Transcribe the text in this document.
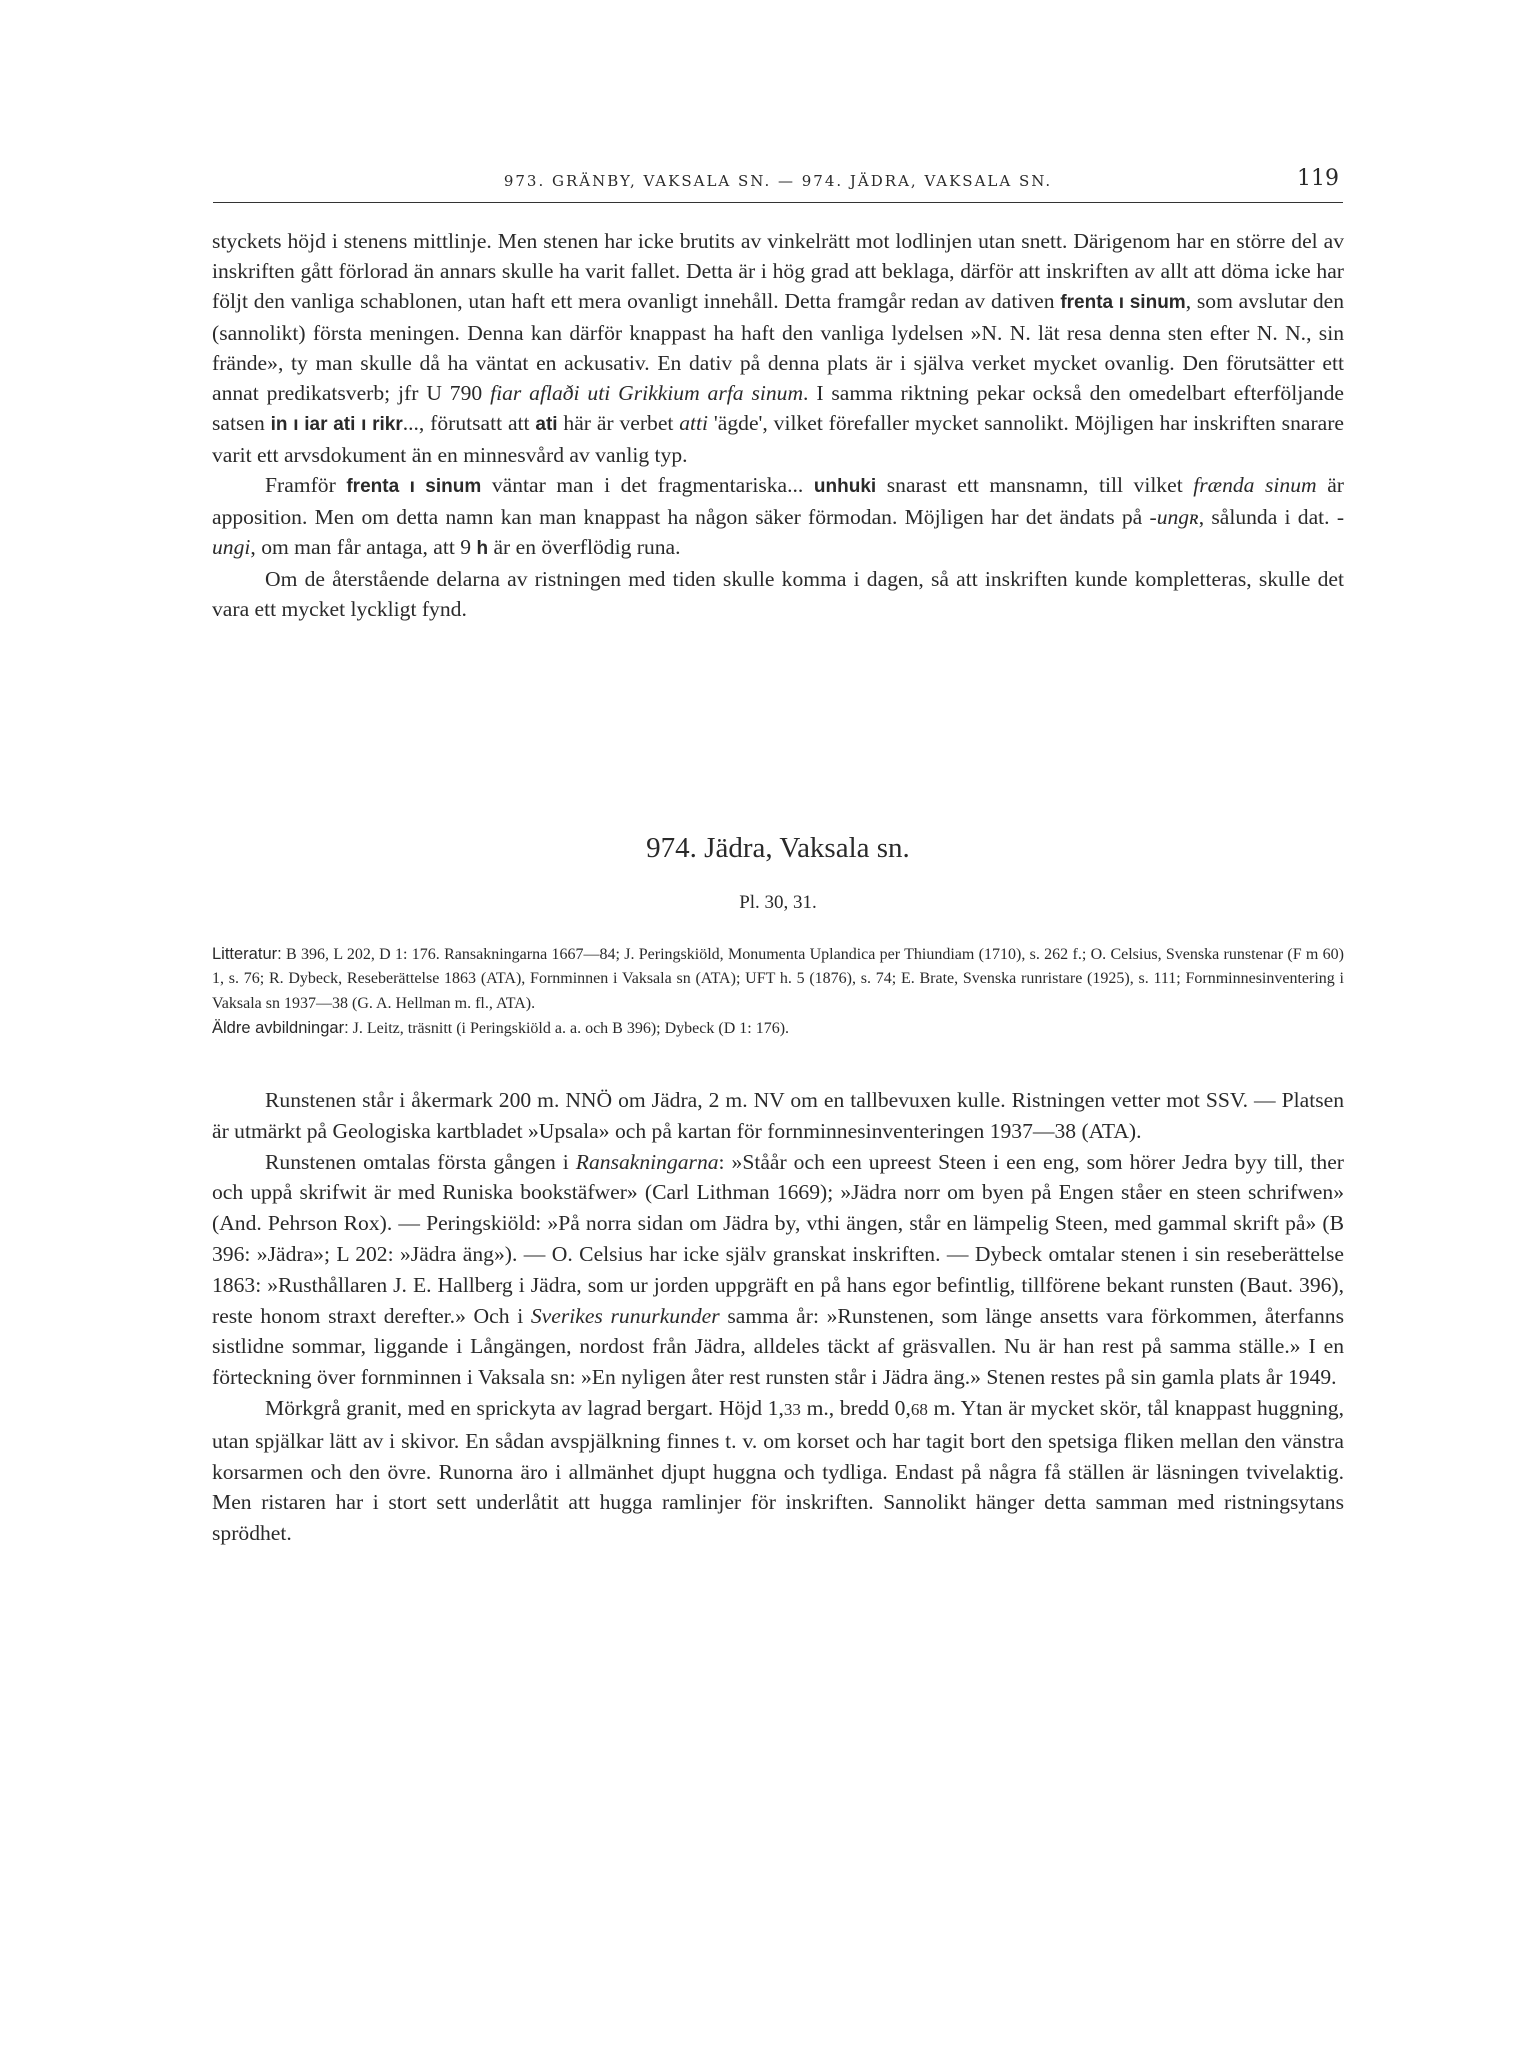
973. GRÄNBY, VAKSALA SN. — 974. JÄDRA, VAKSALA SN.	119

styckets höjd i stenens mittlinje. Men stenen har icke brutits av vinkelrätt mot lodlinjen utan snett. Därigenom har en större del av inskriften gått förlorad än annars skulle ha varit fallet. Detta är i hög grad att beklaga, därför att inskriften av allt att döma icke har följt den vanliga schablonen, utan haft ett mera ovanligt innehåll. Detta framgår redan av dativen frenta ı sinum, som avslutar den (sannolikt) första meningen. Denna kan därför knappast ha haft den vanliga lydelsen »N. N. lät resa denna sten efter N. N., sin frände», ty man skulle då ha väntat en ackusativ. En dativ på denna plats är i själva verket mycket ovanlig. Den förutsätter ett annat predikatsverb; jfr U 790 fiar aflaði uti Grikkium arfa sinum. I samma riktning pekar också den omedelbart efterföljande satsen in ı iar ati ı rikr..., förutsatt att ati här är verbet atti 'ägde', vilket förefaller mycket sannolikt. Möjligen har inskriften snarare varit ett arvsdokument än en minnesvård av vanlig typ.

Framför frenta ı sinum väntar man i det fragmentariska... unhuki snarast ett mansnamn, till vilket frænda sinum är apposition. Men om detta namn kan man knappast ha någon säker förmodan. Möjligen har det ändats på -ungʀ, sålunda i dat. -ungi, om man får antaga, att 9 h är en överflödig runa.

Om de återstående delarna av ristningen med tiden skulle komma i dagen, så att inskriften kunde kompletteras, skulle det vara ett mycket lyckligt fynd.

974. Jädra, Vaksala sn.
Pl. 30, 31.

Litteratur: B 396, L 202, D 1: 176. Ransakningarna 1667—84; J. Peringskiöld, Monumenta Uplandica per Thiundiam (1710), s. 262 f.; O. Celsius, Svenska runstenar (F m 60) 1, s. 76; R. Dybeck, Reseberättelse 1863 (ATA), Fornminnen i Vaksala sn (ATA); UFT h. 5 (1876), s. 74; E. Brate, Svenska runristare (1925), s. 111; Fornminnesinventering i Vaksala sn 1937—38 (G. A. Hellman m. fl., ATA).

Äldre avbildningar: J. Leitz, träsnitt (i Peringskiöld a. a. och B 396); Dybeck (D 1: 176).

Runstenen står i åkermark 200 m. NNÖ om Jädra, 2 m. NV om en tallbevuxen kulle. Ristningen vetter mot SSV. — Platsen är utmärkt på Geologiska kartbladet »Upsala» och på kartan för fornminnesinventeringen 1937—38 (ATA).

Runstenen omtalas första gången i Ransakningarna: »Ståår och een upreest Steen i een eng, som hörer Jedra byy till, ther och uppå skrifwit är med Runiska bookstäfwer» (Carl Lithman 1669); »Jädra norr om byen på Engen ståer en steen schrifwen» (And. Pehrson Rox). — Peringskiöld: »På norra sidan om Jädra by, vthi ängen, står en lämpelig Steen, med gammal skrift på» (B 396: »Jädra»; L 202: »Jädra äng»). — O. Celsius har icke själv granskat inskriften. — Dybeck omtalar stenen i sin reseberättelse 1863: »Rusthållaren J. E. Hallberg i Jädra, som ur jorden uppgräft en på hans egor befintlig, tillförene bekant runsten (Baut. 396), reste honom straxt derefter.» Och i Sverikes runurkunder samma år: »Runstenen, som länge ansetts vara förkommen, återfanns sistlidne sommar, liggande i Långängen, nordost från Jädra, alldeles täckt af gräsvallen. Nu är han rest på samma ställe.» I en förteckning över fornminnen i Vaksala sn: »En nyligen åter rest runsten står i Jädra äng.» Stenen restes på sin gamla plats år 1949.

Mörkgrå granit, med en sprickyta av lagrad bergart. Höjd 1,33 m., bredd 0,68 m. Ytan är mycket skör, tål knappast huggning, utan spjälkar lätt av i skivor. En sådan avspjälkning finnes t. v. om korset och har tagit bort den spetsiga fliken mellan den vänstra korsarmen och den övre. Runorna äro i allmänhet djupt huggna och tydliga. Endast på några få ställen är läsningen tvivelaktig. Men ristaren har i stort sett underlåtit att hugga ramlinjer för inskriften. Sannolikt hänger detta samman med ristningsytans sprödhet.
